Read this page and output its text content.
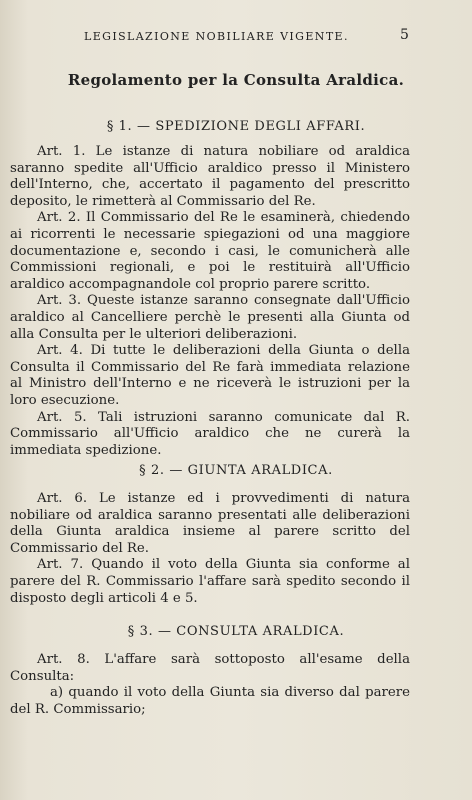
LEGISLAZIONE NOBILIARE VIGENTE.	5
Regolamento per la Consulta Araldica.
§ 1. — SPEDIZIONE DEGLI AFFARI.

Art. 1. Le istanze di natura nobiliare od araldica saranno spedite all'Ufficio araldico presso il Ministero dell'Interno, che, accertato il pagamento del prescritto deposito, le rimetterà al Commissario del Re.

Art. 2. Il Commissario del Re le esaminerà, chiedendo ai ricorrenti le necessarie spiegazioni od una maggiore documentazione e, secondo i casi, le comunicherà alle Commissioni regionali, e poi le restituirà all'Ufficio araldico accompagnandole col proprio parere scritto.

Art. 3. Queste istanze saranno consegnate dall'Ufficio araldico al Cancelliere perchè le presenti alla Giunta od alla Consulta per le ulteriori deliberazioni.

Art. 4. Di tutte le deliberazioni della Giunta o della Consulta il Commissario del Re farà immediata relazione al Ministro dell'Interno e ne riceverà le istruzioni per la loro esecuzione.

Art. 5. Tali istruzioni saranno comunicate dal R. Commissario all'Ufficio araldico che ne curerà la immediata spedizione.

§ 2. — GIUNTA ARALDICA.

Art. 6. Le istanze ed i provvedimenti di natura nobiliare od araldica saranno presentati alle deliberazioni della Giunta araldica insieme al parere scritto del Commissario del Re.

Art. 7. Quando il voto della Giunta sia conforme al parere del R. Commissario l'affare sarà spedito secondo il disposto degli articoli 4 e 5.

§ 3. — CONSULTA ARALDICA.

Art. 8. L'affare sarà sottoposto all'esame della Consulta:

a) quando il voto della Giunta sia diverso dal parere del R. Commissario;
